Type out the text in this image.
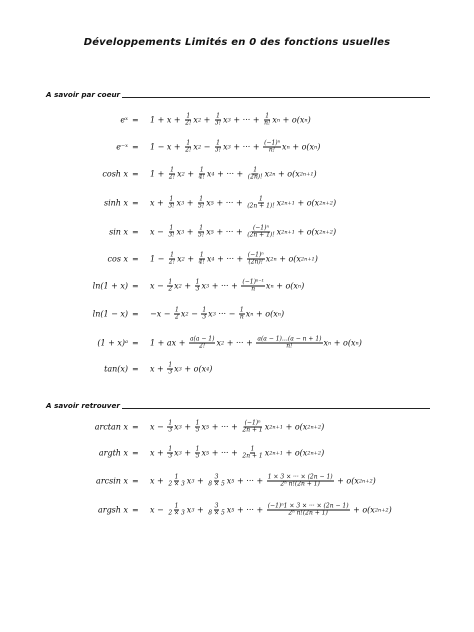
Développements Limités en 0 des fonctions usuelles
A savoir par coeur
A savoir retrouver
eˣ = $1 + x + \frac{1}{2!}$ x $2 + \frac{1}{3!}$ x 3 + ··· + $\frac{1}{n!}$ x n + o(x n )
e⁻ˣ = $1 - x + \frac{1}{2!}$ x $2 - \frac{1}{3!}$ x 3 + ··· + $\frac{\text{(−1)ⁿ}}{n!}$ x n + o(x n )
$\cosh x = 1 + \frac{1}{2!}$ x $2 + \frac{1}{4!}$ x 4 + ··· + $\frac{1}{(2n)!}$ x 2n + o(x 2n+1 )
$\sinh x = x + \frac{1}{3!}$ x $3 + \frac{1}{5!}$ x 5 + ··· + $\frac{1}{(2n + 1)!}$ x 2n+1 + o(x 2n+2 )
$\sin x = x - \frac{1}{3!}$ x $3 + \frac{1}{5!}$ x 5 + ··· + $\frac{\text{(−1)ⁿ}}{(2n + 1)!}$ x 2n+1 + o(x 2n+2 )
$\cos x = 1 - \frac{1}{2!}$ x $2 + \frac{1}{4!}$ x 4 + ··· + $\frac{\text{(−1)ⁿ}}{(2n)!}$ x 2n + o(x 2n+1 )
$\ln(1 + x) = x - \frac{1}{2}$ x $2 + \frac{1}{3}$ x 3 + ··· + $\frac{\text{(−1)ⁿ⁻¹}}{n}$ x n + o(x n )
$\ln(1 - x) = -x - \frac{1}{2}$ x $2 - \frac{1}{3}$ x 3 ··· − $\frac{1}{n}$ x n + o(x n )
(1 + x)ᵃ = 1 + ax + $\frac{a(a - 1)}{2!}$ x 2 + ··· + $\frac{a(a - 1)\dots(a - n + 1)}{n!}$ x n + o(x n )
$\tan(x) = x + \frac{1}{3}$ x 3 + o(x 4 )
$\arctan x = x - \frac{1}{3}$ x $3 + \frac{1}{5}$ x 5 + ··· + $\frac{\text{(−1)ⁿ}}{2n + 1}$ x 2n+1 + o(x 2n+2 )
argth $x = x + \frac{1}{3}$ x $3 + \frac{1}{5}$ x 5 + ··· + $\frac{1}{2n + 1}$ x 2n+1 + o(x 2n+2 )
$\arcsin x = x + \frac{1}{2 \times 3}$ x $3 + \frac{3}{8 \times 5}$ x 5 + ··· + $\frac{1 \times 3 \times \cdot\cdot\cdot \times (2n - 1)}{\text{2ⁿ n!(2n + 1)}} + o(x$ 2n+2 )
argsh $x = x - \frac{1}{2 \times 3}$ x $3 + \frac{3}{8 \times 5}$ x 5 + ··· + $\frac{\text{(−1)ⁿ1 × 3 × ··· × (2n − 1)}}{\text{2ⁿ n!(2n + 1)}} + o(x$ 2n+2 )
